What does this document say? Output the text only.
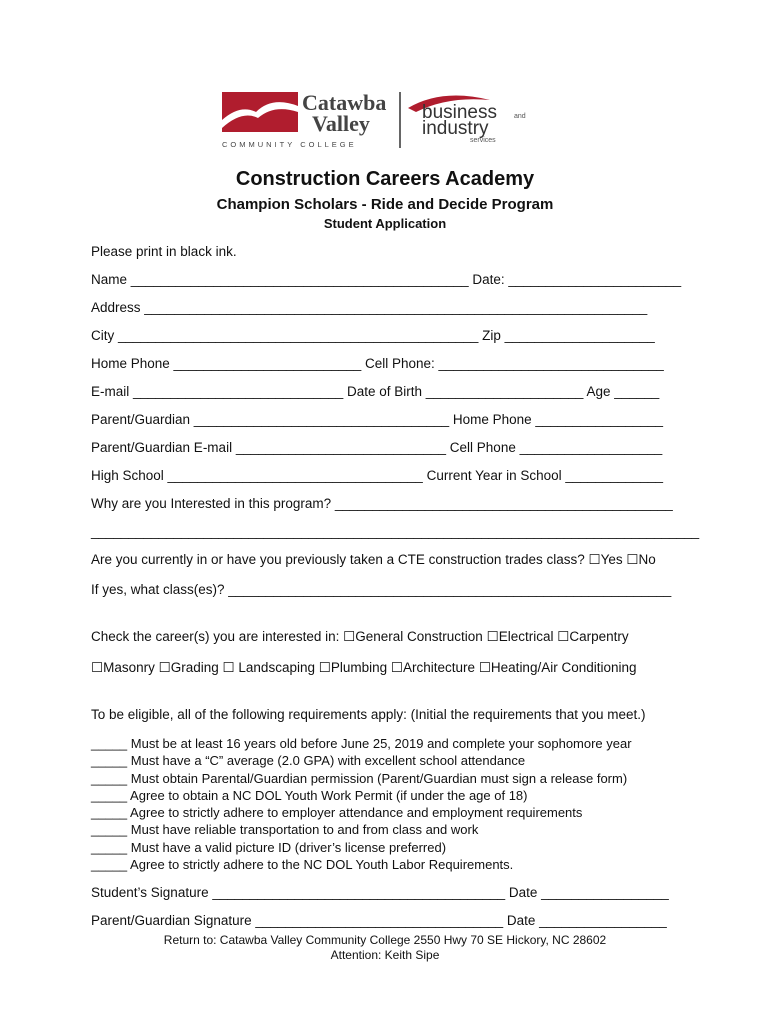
Catawba
Valley
COMMUNITY COLLEGE
business and
industry
services
Construction Careers Academy
Champion Scholars - Ride and Decide Program
Student Application
Please print in black ink.
Name _____________________________________________ Date: _______________________
Address ___________________________________________________________________
City ________________________________________________ Zip ____________________
Home Phone _________________________ Cell Phone: ______________________________
E-mail ____________________________ Date of Birth _____________________ Age ______
Parent/Guardian __________________________________ Home Phone _________________
Parent/Guardian E-mail ____________________________ Cell Phone ___________________
High School __________________________________ Current Year in School _____________
Why are you Interested in this program? _____________________________________________
_________________________________________________________________________________
Are you currently in or have you previously taken a CTE construction trades class? ☐Yes ☐No
If yes, what class(es)? ___________________________________________________________
Check the career(s) you are interested in: ☐General Construction ☐Electrical ☐Carpentry
☐Masonry ☐Grading ☐ Landscaping ☐Plumbing ☐Architecture ☐Heating/Air Conditioning
To be eligible, all of the following requirements apply: (Initial the requirements that you meet.)
_____ Must be at least 16 years old before June 25, 2019 and complete your sophomore year
_____ Must have a “C” average (2.0 GPA) with excellent school attendance
_____ Must obtain Parental/Guardian permission (Parent/Guardian must sign a release form)
_____ Agree to obtain a NC DOL Youth Work Permit (if under the age of 18)
_____ Agree to strictly adhere to employer attendance and employment requirements
_____ Must have reliable transportation to and from class and work
_____ Must have a valid picture ID (driver’s license preferred)
_____ Agree to strictly adhere to the NC DOL Youth Labor Requirements.
Student’s Signature _______________________________________ Date _________________
Parent/Guardian Signature _________________________________ Date _________________
Return to: Catawba Valley Community College 2550 Hwy 70 SE Hickory, NC 28602
Attention: Keith Sipe
